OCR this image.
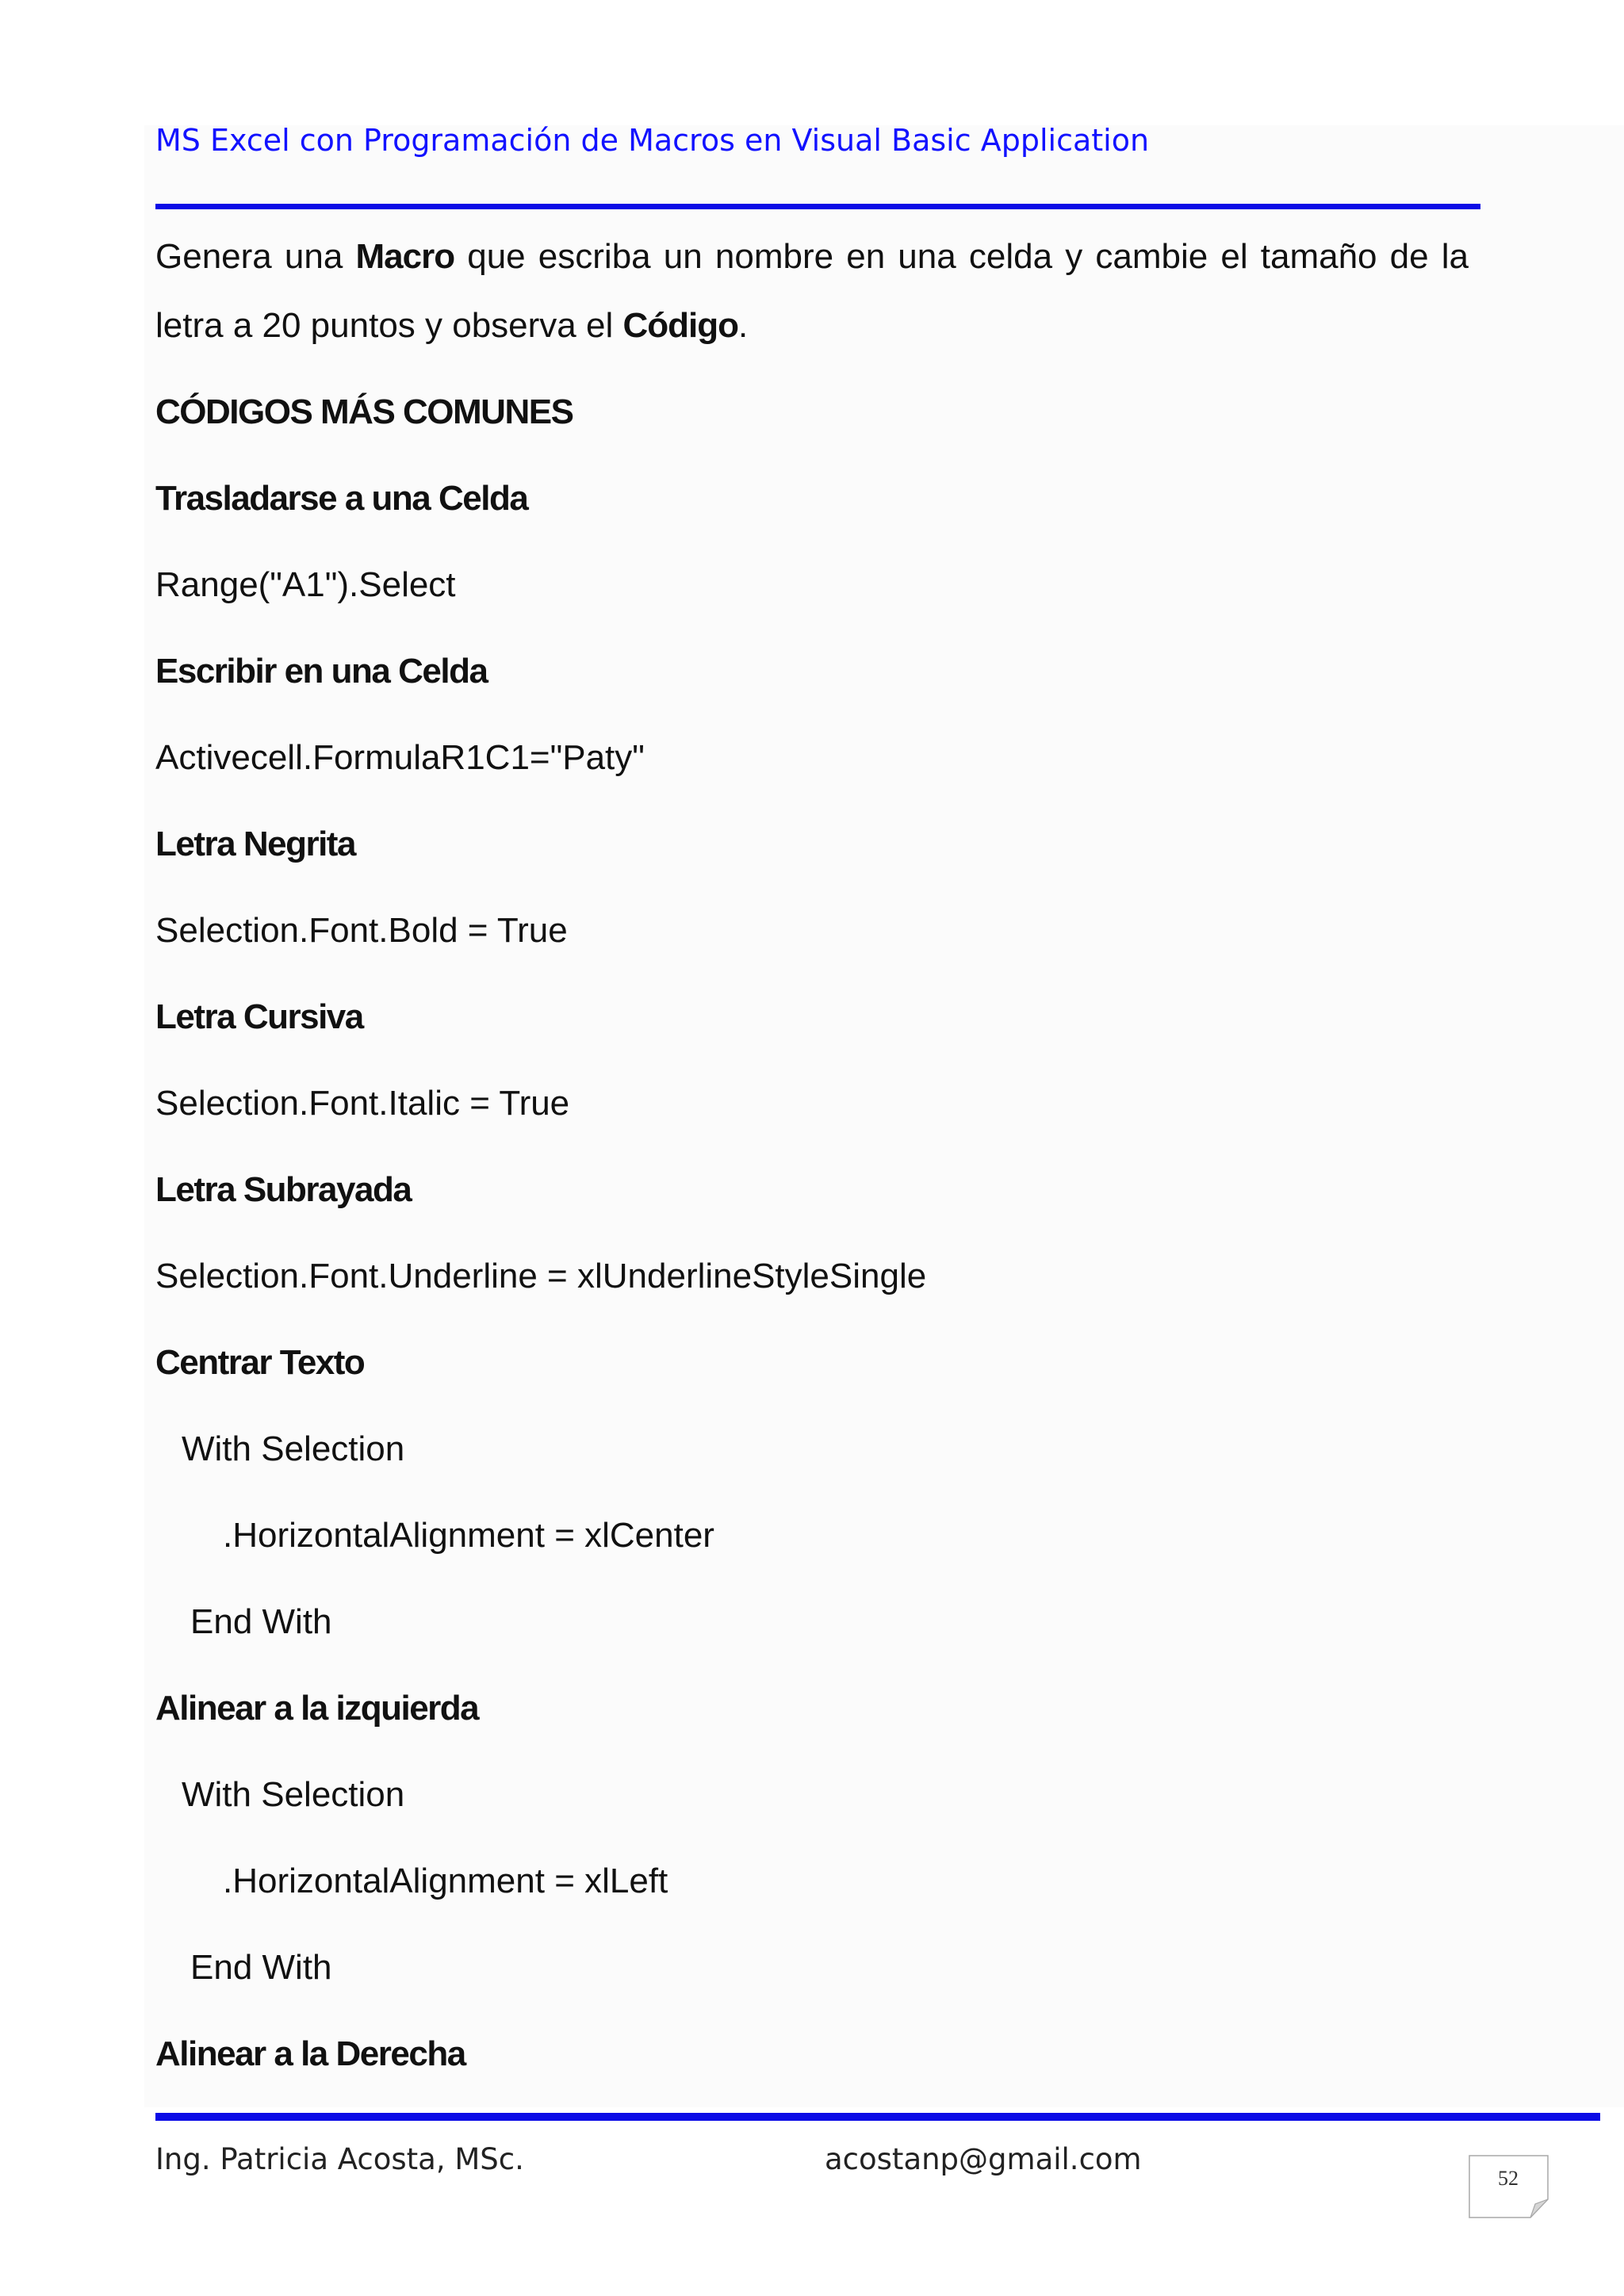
MS Excel con Programación de Macros en Visual Basic Application
Genera una Macro que escriba un nombre en una celda y cambie el tamaño de la
letra a 20 puntos y observa el Código.
CÓDIGOS MÁS COMUNES
Trasladarse a una Celda
Range("A1").Select
Escribir en una Celda
Activecell.FormulaR1C1="Paty"
Letra Negrita
Selection.Font.Bold = True
Letra Cursiva
Selection.Font.Italic = True
Letra Subrayada
Selection.Font.Underline = xlUnderlineStyleSingle
Centrar Texto
With Selection
.HorizontalAlignment = xlCenter
End With
Alinear a la izquierda
With Selection
.HorizontalAlignment = xlLeft
End With
Alinear a la Derecha
Ing. Patricia Acosta, MSc.	acostanp@gmail.com
52
